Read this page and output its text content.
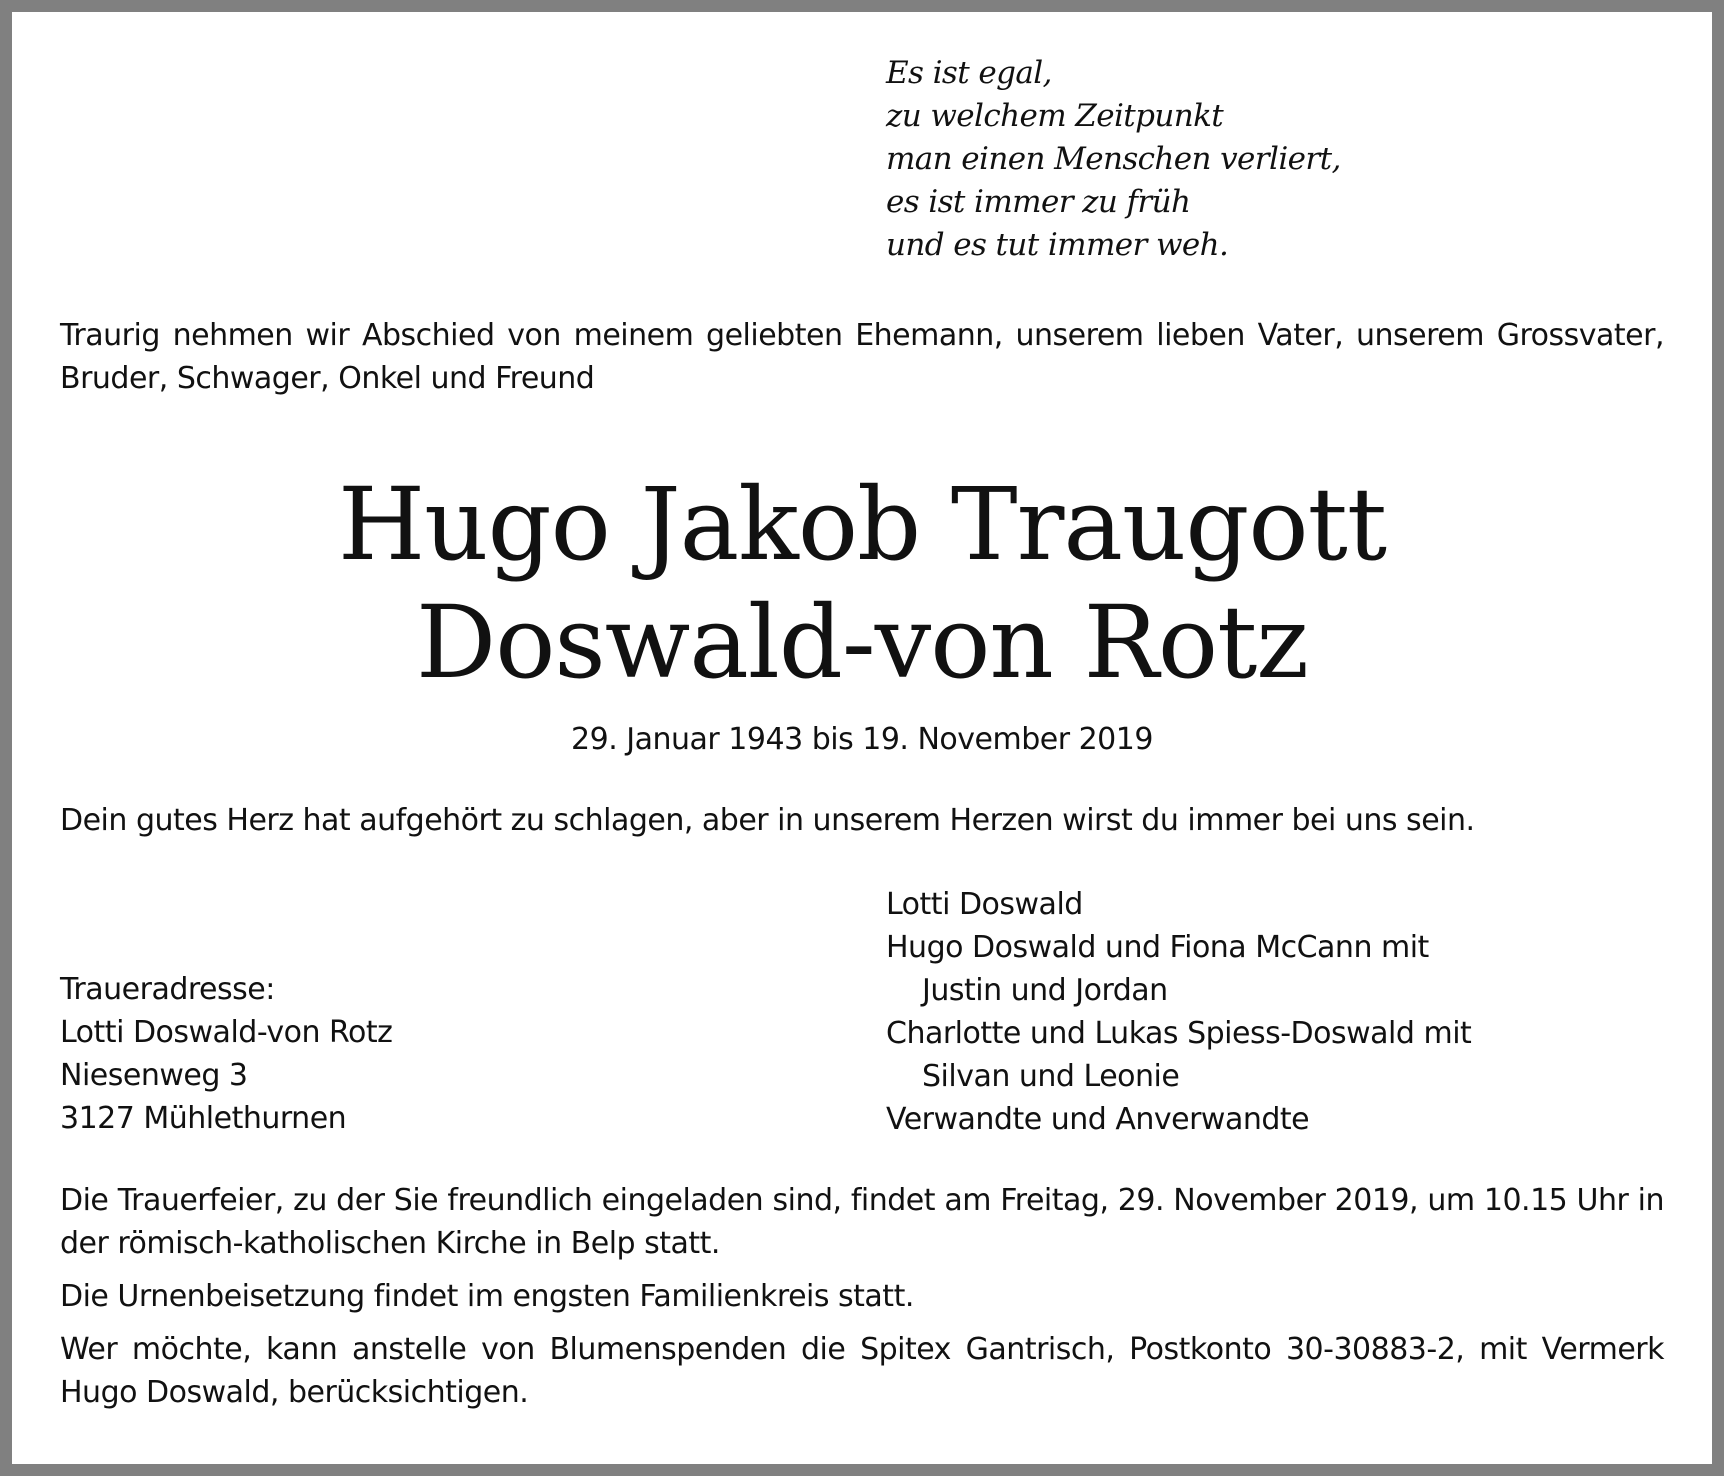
Es ist egal,
zu welchem Zeitpunkt
man einen Menschen verliert,
es ist immer zu früh
und es tut immer weh.
Traurig nehmen wir Abschied von meinem geliebten Ehemann, unserem lieben Vater, unserem Grossvater, Bruder, Schwager, Onkel und Freund
Hugo Jakob Traugott
Doswald-von Rotz
29. Januar 1943 bis 19. November 2019
Dein gutes Herz hat aufgehört zu schlagen, aber in unserem Herzen wirst du immer bei uns sein.
Traueradresse:
Lotti Doswald-von Rotz
Niesenweg 3
3127 Mühlethurnen
Lotti Doswald
Hugo Doswald und Fiona McCann mit
Justin und Jordan
Charlotte und Lukas Spiess-Doswald mit
Silvan und Leonie
Verwandte und Anverwandte

Die Trauerfeier, zu der Sie freundlich eingeladen sind, findet am Freitag, 29. November 2019, um 10.15 Uhr in der römisch-katholischen Kirche in Belp statt.

Die Urnenbeisetzung findet im engsten Familienkreis statt.

Wer möchte, kann anstelle von Blumenspenden die Spitex Gantrisch, Postkonto 30-30883-2, mit Vermerk Hugo Doswald, berücksichtigen.
